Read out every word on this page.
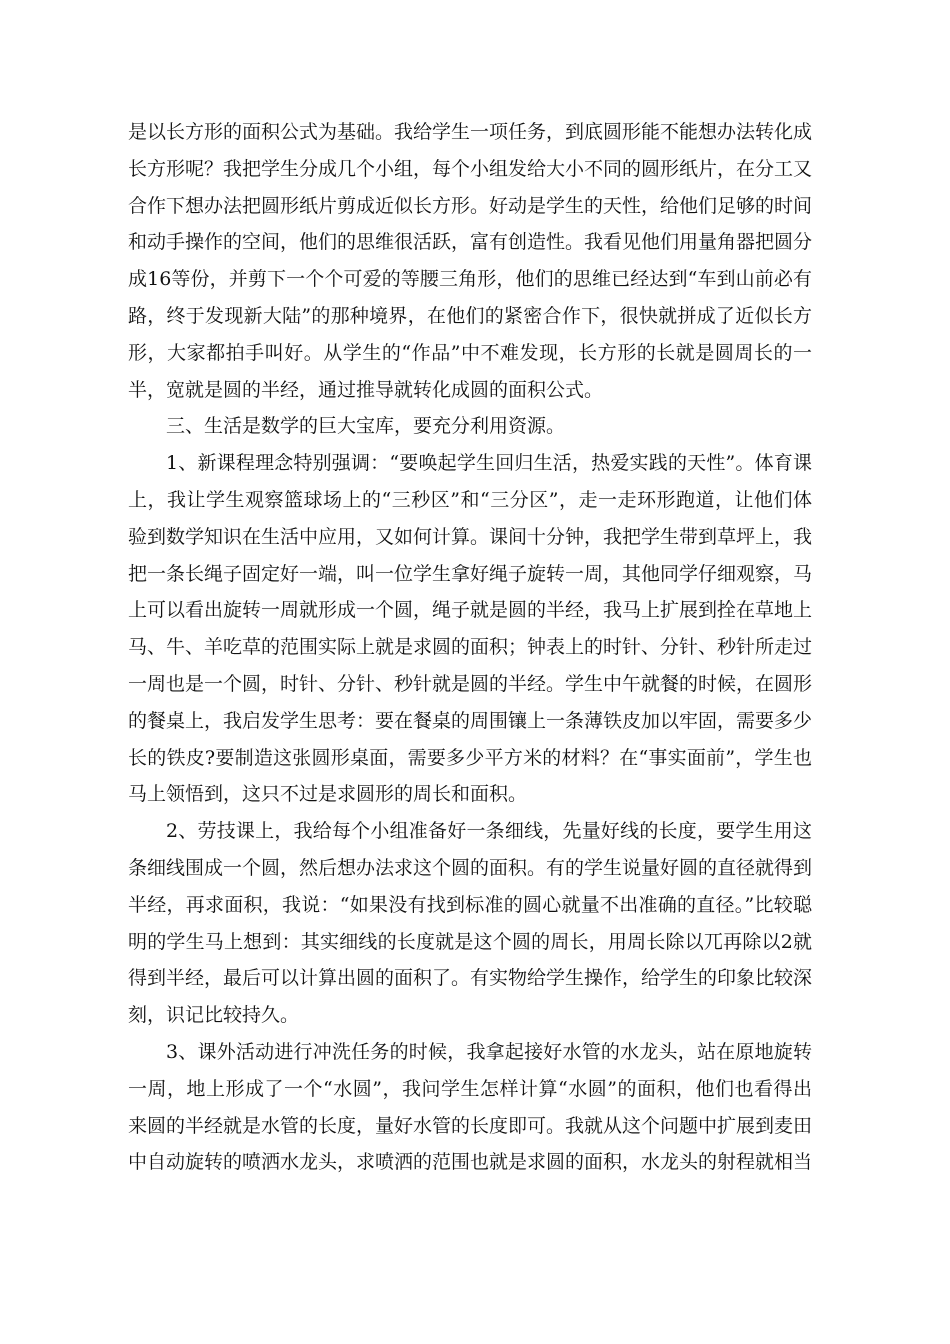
是以长方形的面积公式为基础。我给学生一项任务，到底圆形能不能想办法转化成长方形呢？我把学生分成几个小组，每个小组发给大小不同的圆形纸片，在分工又合作下想办法把圆形纸片剪成近似长方形。好动是学生的天性，给他们足够的时间和动手操作的空间，他们的思维很活跃，富有创造性。我看见他们用量角器把圆分成16等份，并剪下一个个可爱的等腰三角形，他们的思维已经达到“车到山前必有路，终于发现新大陆”的那种境界，在他们的紧密合作下，很快就拼成了近似长方形，大家都拍手叫好。从学生的“作品”中不难发现，长方形的长就是圆周长的一半，宽就是圆的半经，通过推导就转化成圆的面积公式。

三、生活是数学的巨大宝库，要充分利用资源。

1、新课程理念特别强调：“要唤起学生回归生活，热爱实践的天性”。体育课上，我让学生观察篮球场上的“三秒区”和“三分区”，走一走环形跑道，让他们体验到数学知识在生活中应用，又如何计算。课间十分钟，我把学生带到草坪上，我把一条长绳子固定好一端，叫一位学生拿好绳子旋转一周，其他同学仔细观察，马上可以看出旋转一周就形成一个圆，绳子就是圆的半经，我马上扩展到拴在草地上马、牛、羊吃草的范围实际上就是求圆的面积；钟表上的时针、分针、秒针所走过一周也是一个圆，时针、分针、秒针就是圆的半经。学生中午就餐的时候，在圆形的餐桌上，我启发学生思考：要在餐桌的周围镶上一条薄铁皮加以牢固，需要多少长的铁皮?要制造这张圆形桌面，需要多少平方米的材料？在“事实面前”，学生也马上领悟到，这只不过是求圆形的周长和面积。

2、劳技课上，我给每个小组准备好一条细线，先量好线的长度，要学生用这条细线围成一个圆，然后想办法求这个圆的面积。有的学生说量好圆的直径就得到半经，再求面积，我说：“如果没有找到标准的圆心就量不出准确的直径。”比较聪明的学生马上想到：其实细线的长度就是这个圆的周长，用周长除以兀再除以2就得到半经，最后可以计算出圆的面积了。有实物给学生操作，给学生的印象比较深刻，识记比较持久。

3、课外活动进行冲洗任务的时候，我拿起接好水管的水龙头，站在原地旋转一周，地上形成了一个“水圆”，我问学生怎样计算“水圆”的面积，他们也看得出来圆的半经就是水管的长度，量好水管的长度即可。我就从这个问题中扩展到麦田中自动旋转的喷洒水龙头，求喷洒的范围也就是求圆的面积，水龙头的射程就相当
